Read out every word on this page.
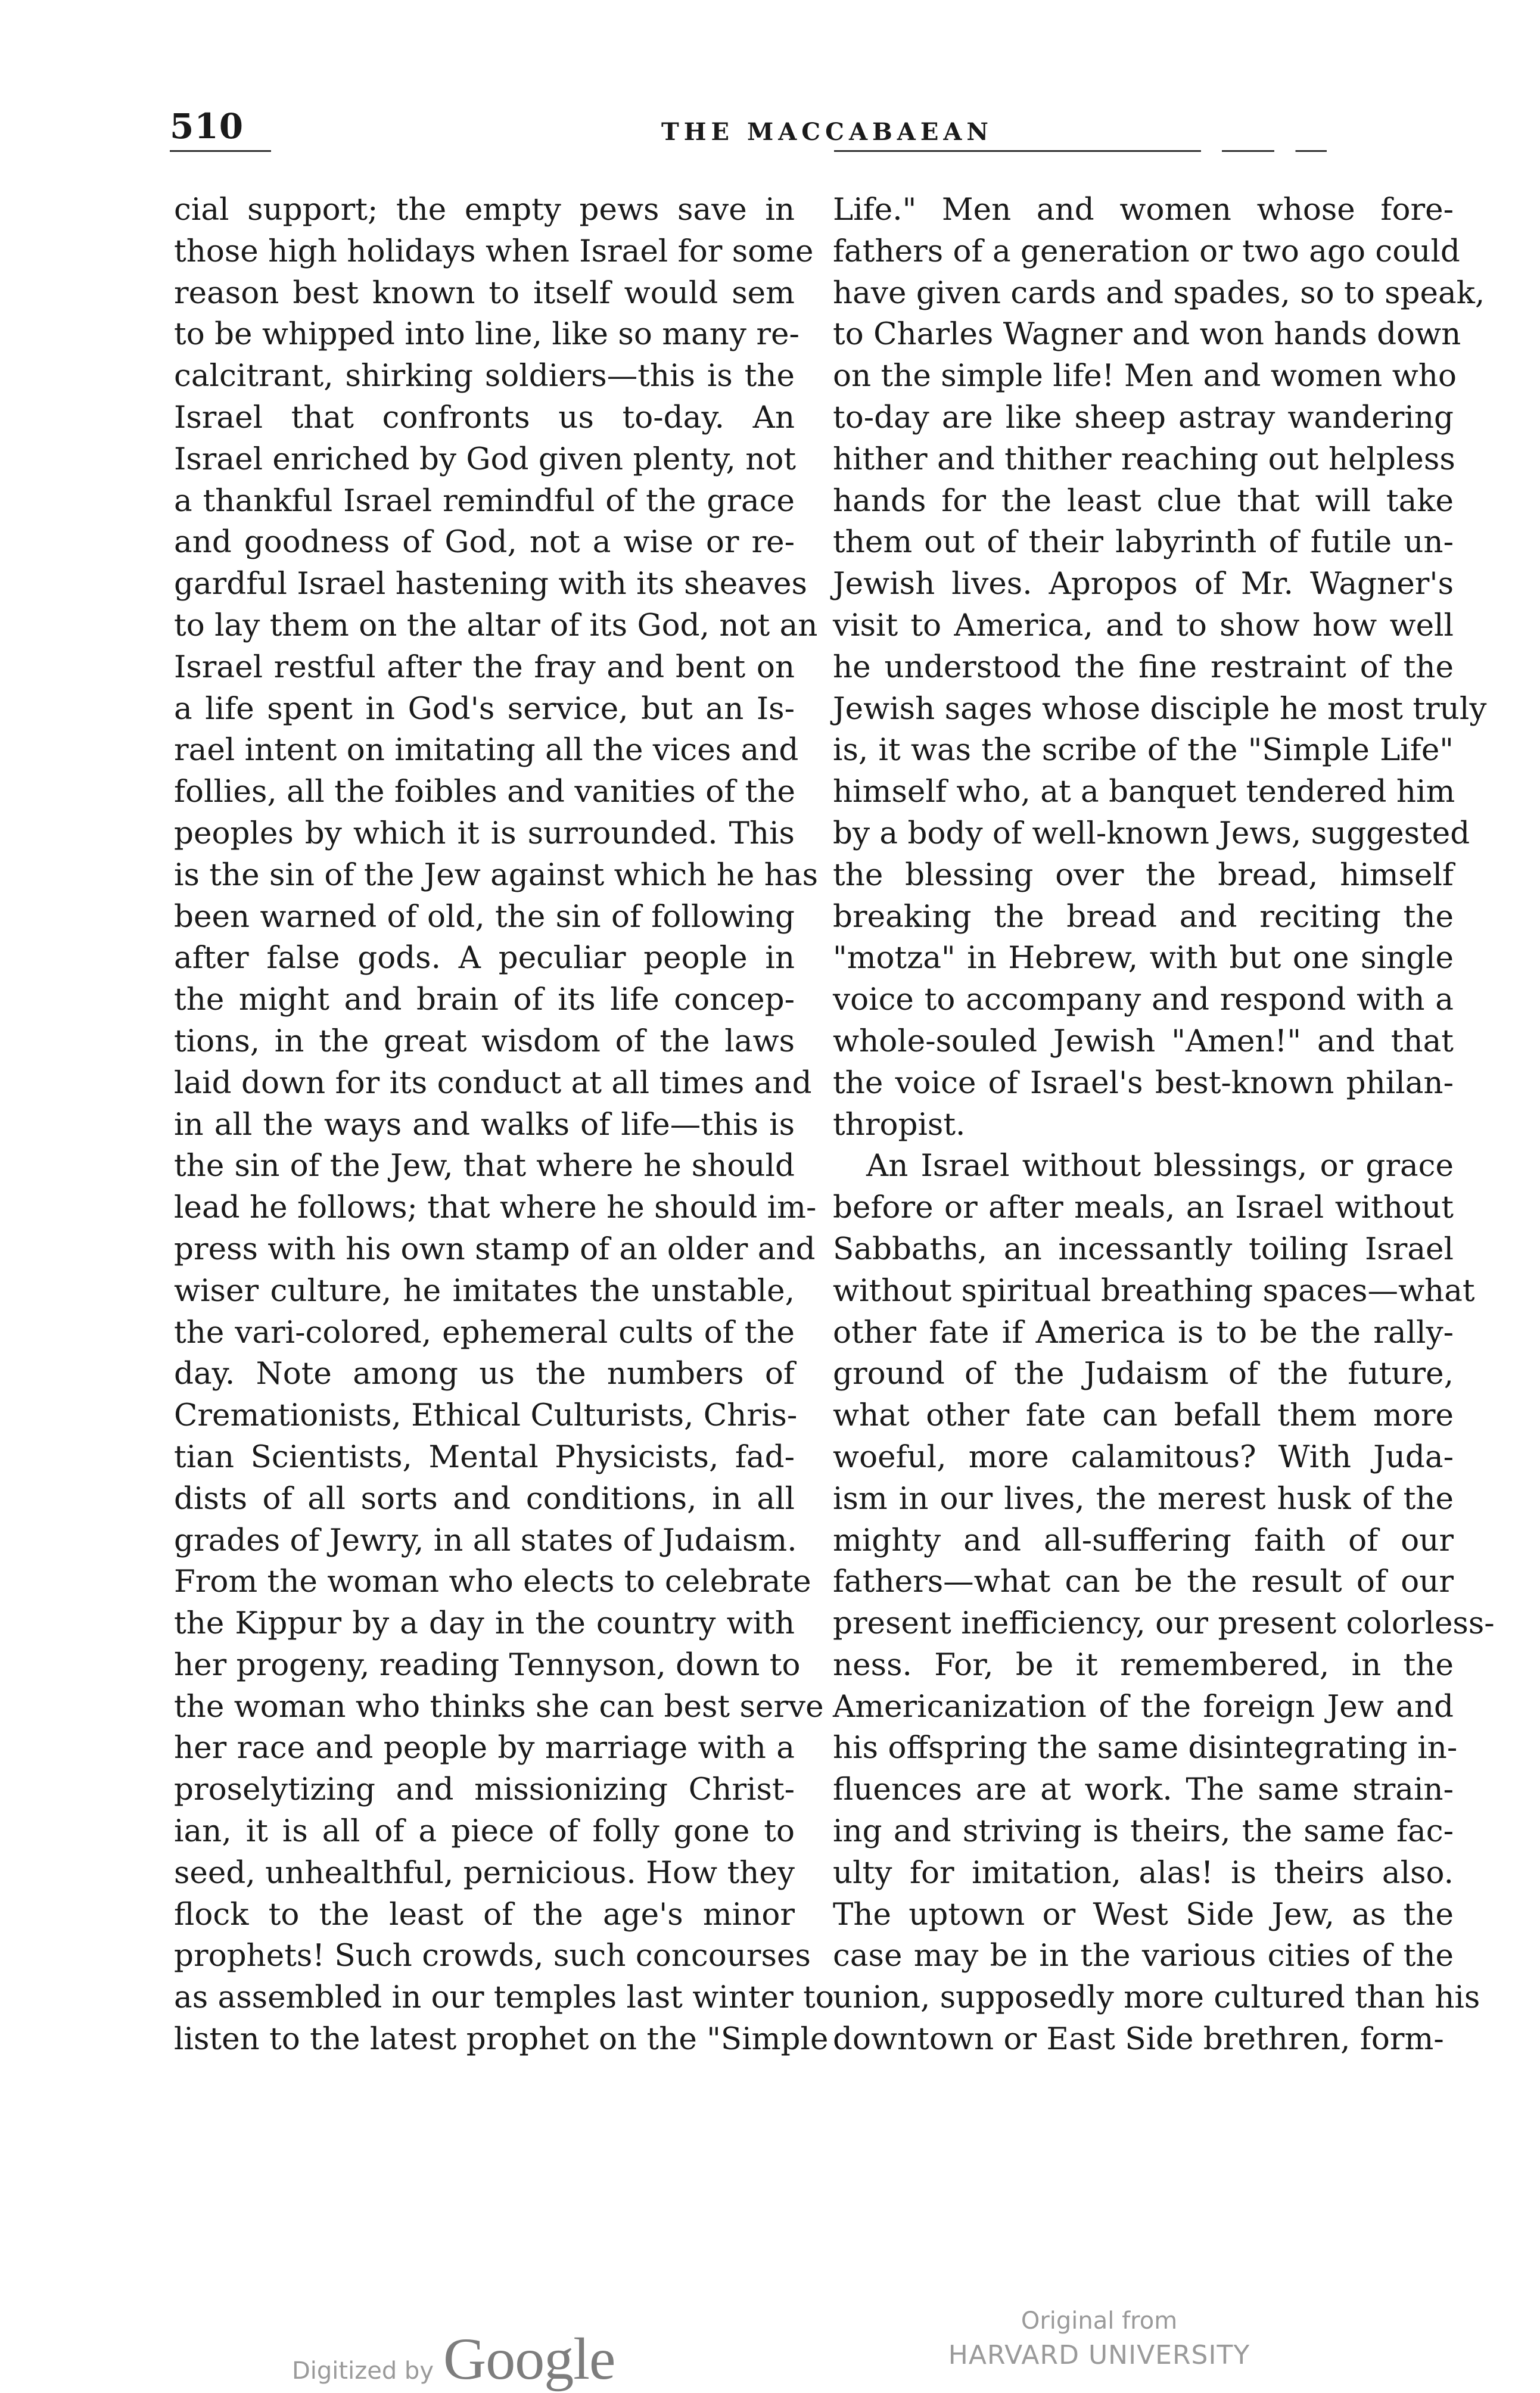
510	THE MACCABAEAN
cial support; the empty pews save in
those high holidays when Israel for some
reason best known to itself would sem
to be whipped into line, like so many re-
calcitrant, shirking soldiers—this is the
Israel that confronts us to-day. An
Israel enriched by God given plenty, not
a thankful Israel remindful of the grace
and goodness of God, not a wise or re-
gardful Israel hastening with its sheaves
to lay them on the altar of its God, not an
Israel restful after the fray and bent on
a life spent in God's service, but an Is-
rael intent on imitating all the vices and
follies, all the foibles and vanities of the
peoples by which it is surrounded. This
is the sin of the Jew against which he has
been warned of old, the sin of following
after false gods. A peculiar people in
the might and brain of its life concep-
tions, in the great wisdom of the laws
laid down for its conduct at all times and
in all the ways and walks of life—this is
the sin of the Jew, that where he should
lead he follows; that where he should im-
press with his own stamp of an older and
wiser culture, he imitates the unstable,
the vari-colored, ephemeral cults of the
day. Note among us the numbers of
Cremationists, Ethical Culturists, Chris-
tian Scientists, Mental Physicists, fad-
dists of all sorts and conditions, in all
grades of Jewry, in all states of Judaism.
From the woman who elects to celebrate
the Kippur by a day in the country with
her progeny, reading Tennyson, down to
the woman who thinks she can best serve
her race and people by marriage with a
proselytizing and missionizing Christ-
ian, it is all of a piece of folly gone to
seed, unhealthful, pernicious. How they
flock to the least of the age's minor
prophets! Such crowds, such concourses
as assembled in our temples last winter to
listen to the latest prophet on the "Simple
Life." Men and women whose fore-
fathers of a generation or two ago could
have given cards and spades, so to speak,
to Charles Wagner and won hands down
on the simple life! Men and women who
to-day are like sheep astray wandering
hither and thither reaching out helpless
hands for the least clue that will take
them out of their labyrinth of futile un-
Jewish lives. Apropos of Mr. Wagner's
visit to America, and to show how well
he understood the fine restraint of the
Jewish sages whose disciple he most truly
is, it was the scribe of the "Simple Life"
himself who, at a banquet tendered him
by a body of well-known Jews, suggested
the blessing over the bread, himself
breaking the bread and reciting the
"motza" in Hebrew, with but one single
voice to accompany and respond with a
whole-souled Jewish "Amen!" and that
the voice of Israel's best-known philan-
thropist.
An Israel without blessings, or grace
before or after meals, an Israel without
Sabbaths, an incessantly toiling Israel
without spiritual breathing spaces—what
other fate if America is to be the rally-
ground of the Judaism of the future,
what other fate can befall them more
woeful, more calamitous? With Juda-
ism in our lives, the merest husk of the
mighty and all-suffering faith of our
fathers—what can be the result of our
present inefficiency, our present colorless-
ness. For, be it remembered, in the
Americanization of the foreign Jew and
his offspring the same disintegrating in-
fluences are at work. The same strain-
ing and striving is theirs, the same fac-
ulty for imitation, alas! is theirs also.
The uptown or West Side Jew, as the
case may be in the various cities of the
union, supposedly more cultured than his
downtown or East Side brethren, form-
Digitized by Google
Original from
HARVARD UNIVERSITY
